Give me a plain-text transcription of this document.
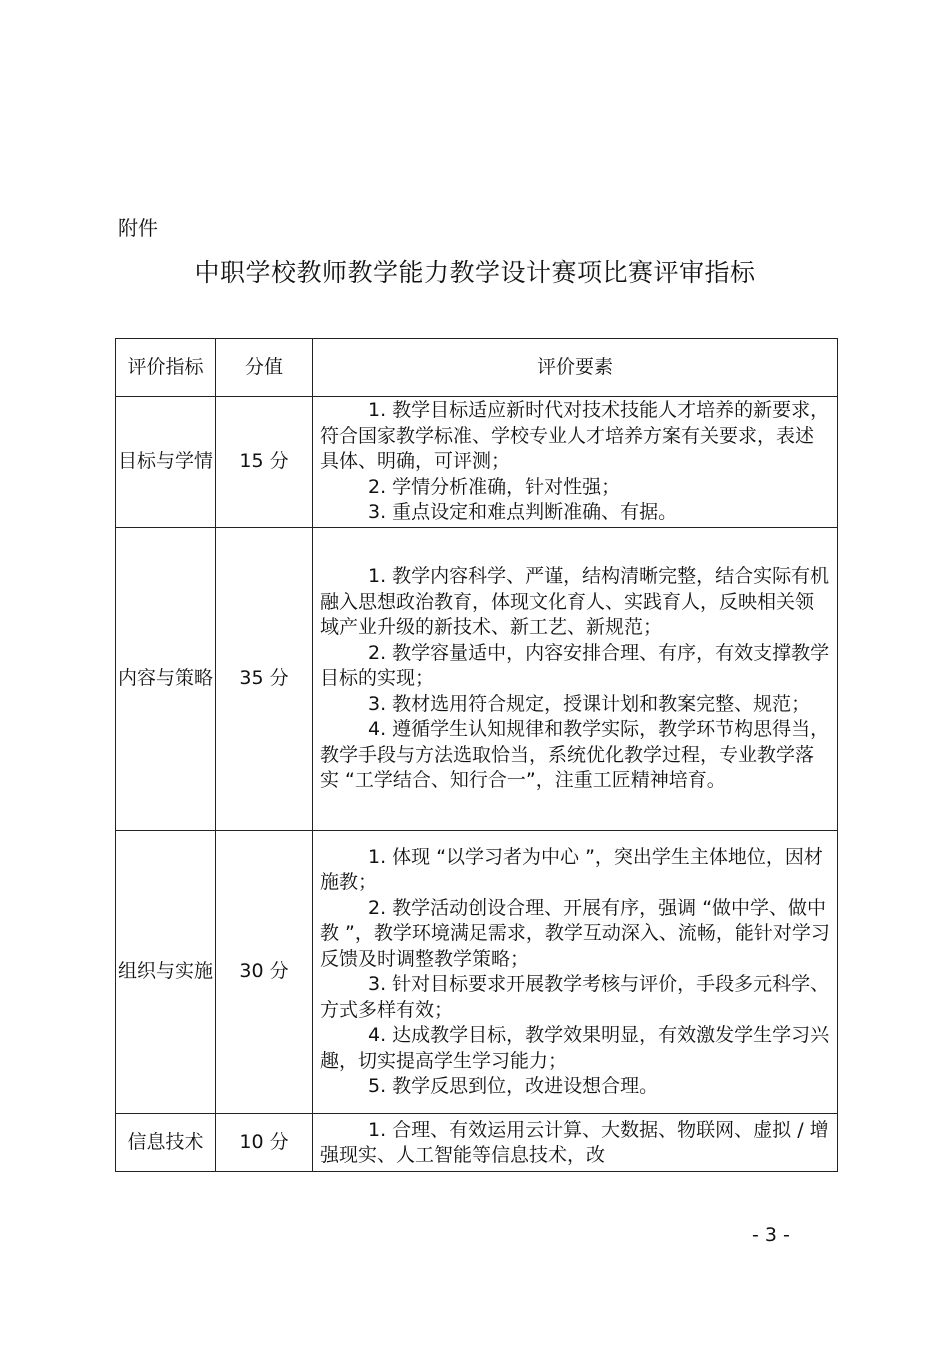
附件
中职学校教师教学能力教学设计赛项比赛评审指标
评价指标	分值	评价要素
目标与学情	15 分	1. 教学目标适应新时代对技术技能人才培养的新要求，符合国家教学标准、学校专业人才培养方案有关要求，表述具体、明确，可评测；
2. 学情分析准确，针对性强；
3. 重点设定和难点判断准确、有据。

内容与策略	35 分	1. 教学内容科学、严谨，结构清晰完整，结合实际有机融入思想政治教育，体现文化育人、实践育人，反映相关领域产业升级的新技术、新工艺、新规范；
2. 教学容量适中，内容安排合理、有序，有效支撑教学目标的实现；
3. 教材选用符合规定，授课计划和教案完整、规范；
4. 遵循学生认知规律和教学实际，教学环节构思得当，教学手段与方法选取恰当，系统优化教学过程，专业教学落实 “工学结合、知行合一”，注重工匠精神培育。

组织与实施	30 分	1. 体现 “以学习者为中心 ”，突出学生主体地位，因材施教；
2. 教学活动创设合理、开展有序，强调 “做中学、做中教 ”，教学环境满足需求，教学互动深入、流畅，能针对学习反馈及时调整教学策略；
3. 针对目标要求开展教学考核与评价，手段多元科学、方式多样有效；
4. 达成教学目标，教学效果明显，有效激发学生学习兴趣，切实提高学生学习能力；
5. 教学反思到位，改进设想合理。

信息技术	10 分	1. 合理、有效运用云计算、大数据、物联网、虚拟 / 增强现实、人工智能等信息技术，改
- 3 -
